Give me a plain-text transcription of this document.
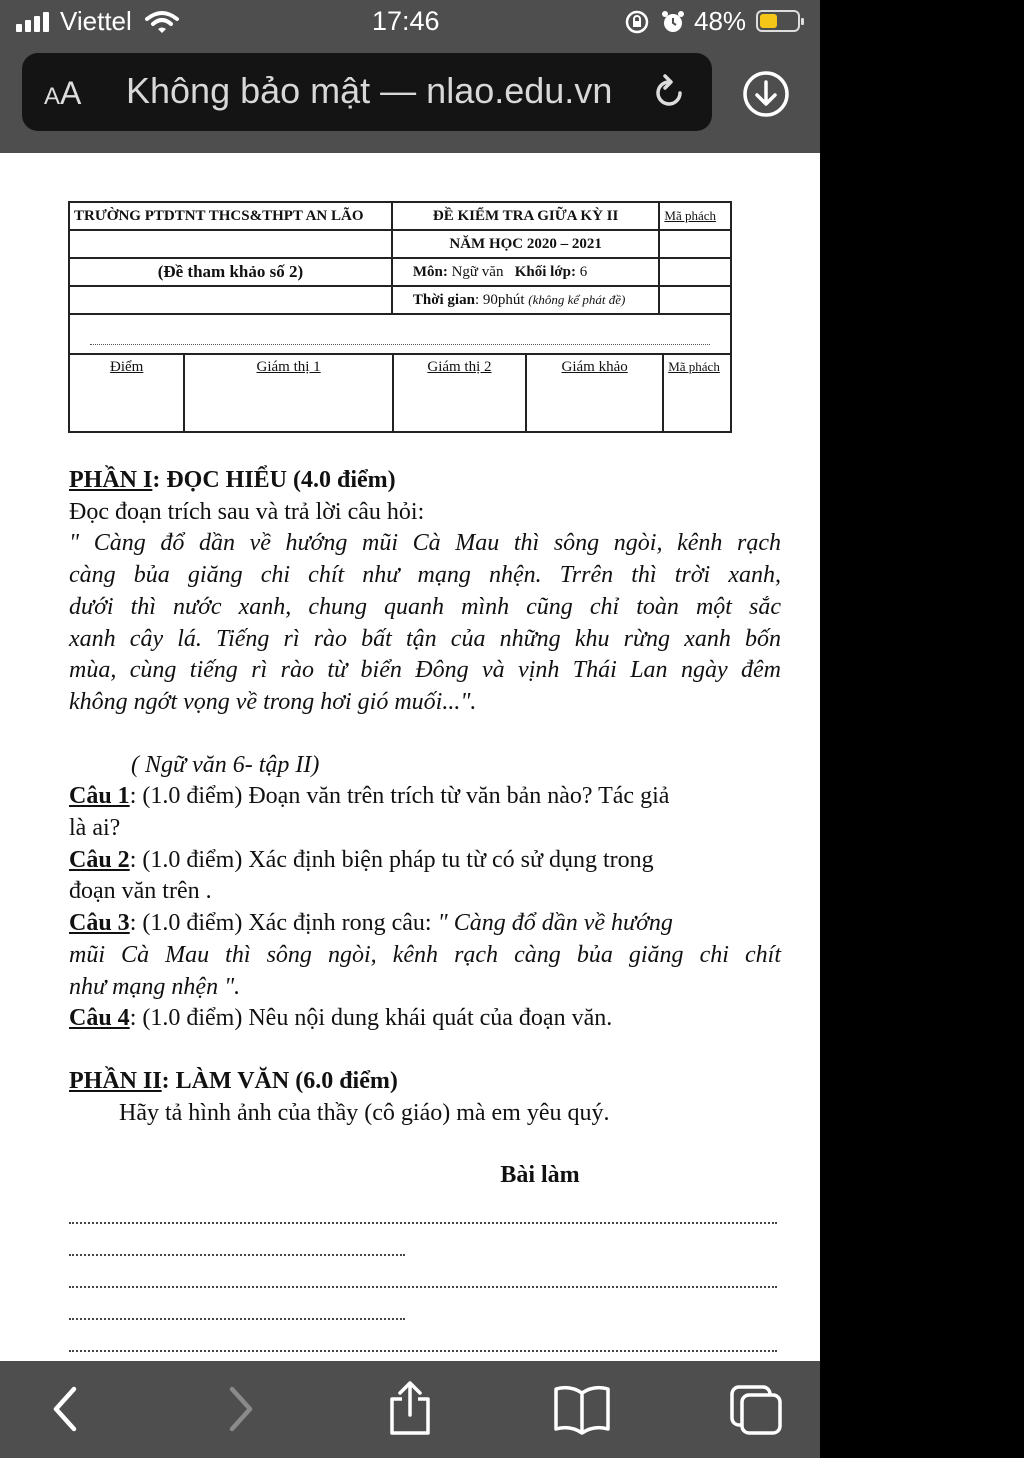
Viettel	17:46	48%
AA Không bảo mật — nlao.edu.vn
TRƯỜNG PTDTNT THCS&THPT AN LÃO	ĐỀ KIỂM TRA GIỮA KỲ II	Mã phách
	NĂM HỌC 2020 – 2021	
(Đề tham khảo số 2)	Môn: Ngữ văn Khối lớp: 6	
	Thời gian: 90phút (không kể phát đề)	
Điểm	Giám thị 1	Giám thị 2	Giám khảo	Mã phách

PHẦN I: ĐỌC HIỂU (4.0 điểm)

Đọc đoạn trích sau và trả lời câu hỏi:

" Càng đổ dần về hướng mũi Cà Mau thì sông ngòi, kênh rạch

càng bủa giăng chi chít như mạng nhện. Trrên thì trời xanh,

dưới thì nước xanh, chung quanh mình cũng chỉ toàn một sắc

xanh cây lá. Tiếng rì rào bất tận của những khu rừng xanh bốn

mùa, cùng tiếng rì rào từ biển Đông và vịnh Thái Lan ngày đêm

không ngớt vọng về trong hơi gió muối...".

( Ngữ văn 6- tập II)

Câu 1: (1.0 điểm) Đoạn văn trên trích từ văn bản nào? Tác giả

là ai?

Câu 2: (1.0 điểm) Xác định biện pháp tu từ có sử dụng trong

đoạn văn trên .

Câu 3: (1.0 điểm) Xác định rong câu: " Càng đổ dần về hướng

mũi Cà Mau thì sông ngòi, kênh rạch càng bủa giăng chi chít

như mạng nhện ".

Câu 4: (1.0 điểm) Nêu nội dung khái quát của đoạn văn.

PHẦN II: LÀM VĂN (6.0 điểm)

Hãy tả hình ảnh của thầy (cô giáo) mà em yêu quý.

Bài làm
